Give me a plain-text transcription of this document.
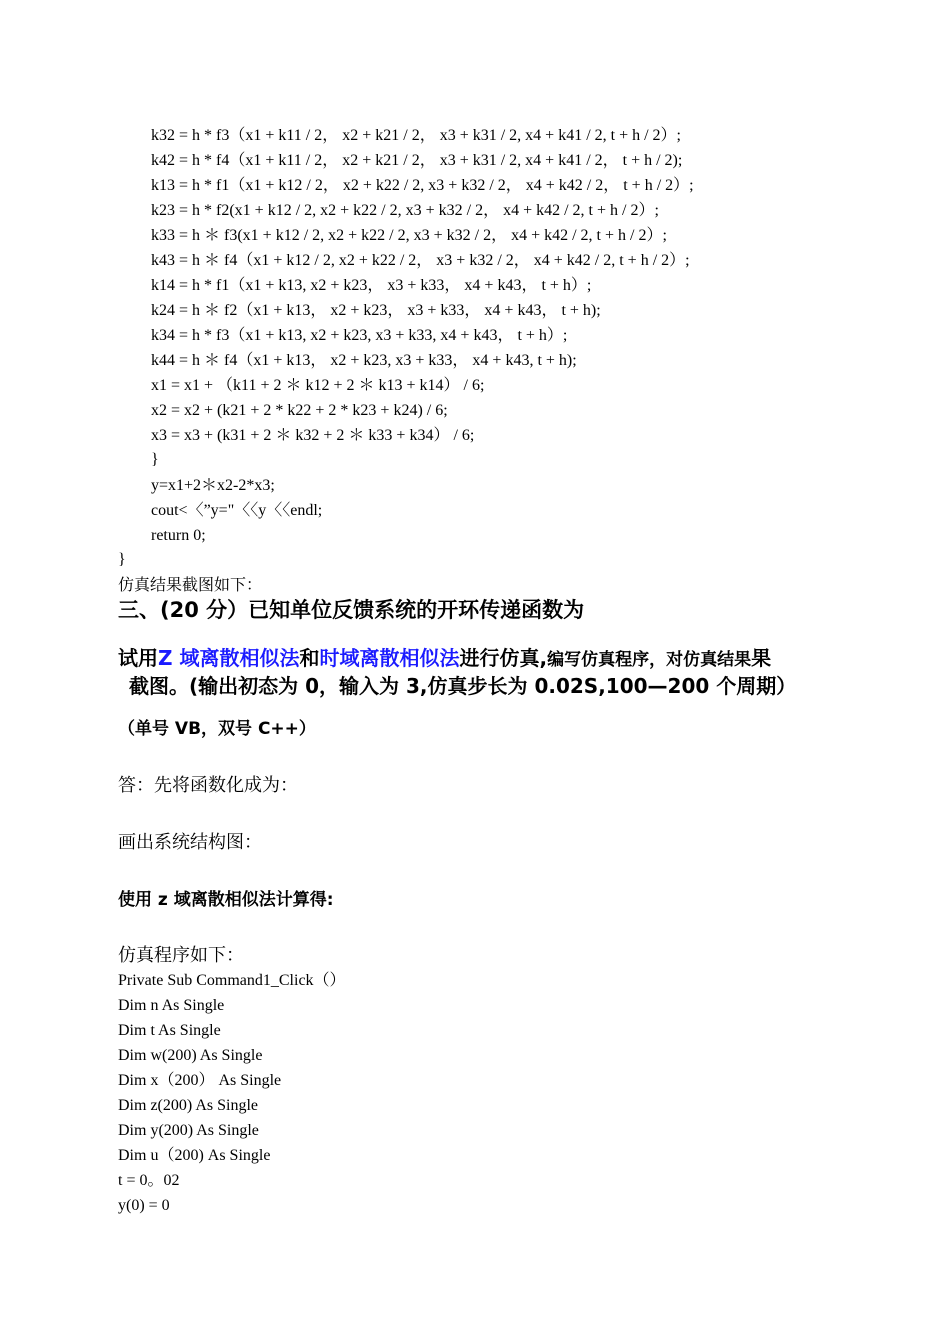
k32 = h * f3（x1 + k11 / 2， x2 + k21 / 2， x3 + k31 / 2, x4 + k41 / 2, t + h / 2）;
k42 = h * f4（x1 + k11 / 2， x2 + k21 / 2， x3 + k31 / 2, x4 + k41 / 2， t + h / 2);
k13 = h * f1（x1 + k12 / 2， x2 + k22 / 2, x3 + k32 / 2， x4 + k42 / 2， t + h / 2）;
k23 = h * f2(x1 + k12 / 2, x2 + k22 / 2, x3 + k32 / 2， x4 + k42 / 2, t + h / 2）;
k33 = h ＊ f3(x1 + k12 / 2, x2 + k22 / 2, x3 + k32 / 2， x4 + k42 / 2, t + h / 2）;
k43 = h ＊ f4（x1 + k12 / 2, x2 + k22 / 2， x3 + k32 / 2， x4 + k42 / 2, t + h / 2）;
k14 = h * f1（x1 + k13, x2 + k23， x3 + k33， x4 + k43， t + h）;
k24 = h ＊ f2（x1 + k13， x2 + k23， x3 + k33， x4 + k43， t + h);
k34 = h * f3（x1 + k13, x2 + k23, x3 + k33, x4 + k43， t + h）;
k44 = h ＊ f4（x1 + k13， x2 + k23, x3 + k33， x4 + k43, t + h);
x1 = x1 + （k11 + 2 ＊ k12 + 2 ＊ k13 + k14） / 6;
x2 = x2 + (k21 + 2 * k22 + 2 * k23 + k24) / 6;
x3 = x3 + (k31 + 2 ＊ k32 + 2 ＊ k33 + k34） / 6;
}
y=x1+2＊x2-2*x3;
cout<〈”y="〈〈y〈〈endl;
return 0;
}
仿真结果截图如下：
三、(20 分）已知单位反馈系统的开环传递函数为
试用Z 域离散相似法和时域离散相似法进行仿真,编写仿真程序，对仿真结果果
截图。(输出初态为 0，输入为 3,仿真步长为 0.02S,100—200 个周期）
（单号 VB，双号 C++）
答：先将函数化成为：
画出系统结构图：
使用 z 域离散相似法计算得:
仿真程序如下：
Private Sub Command1_Click（）
Dim n As Single
Dim t As Single
Dim w(200) As Single
Dim x（200） As Single
Dim z(200) As Single
Dim y(200) As Single
Dim u（200) As Single
t = 0。02
y(0) = 0
